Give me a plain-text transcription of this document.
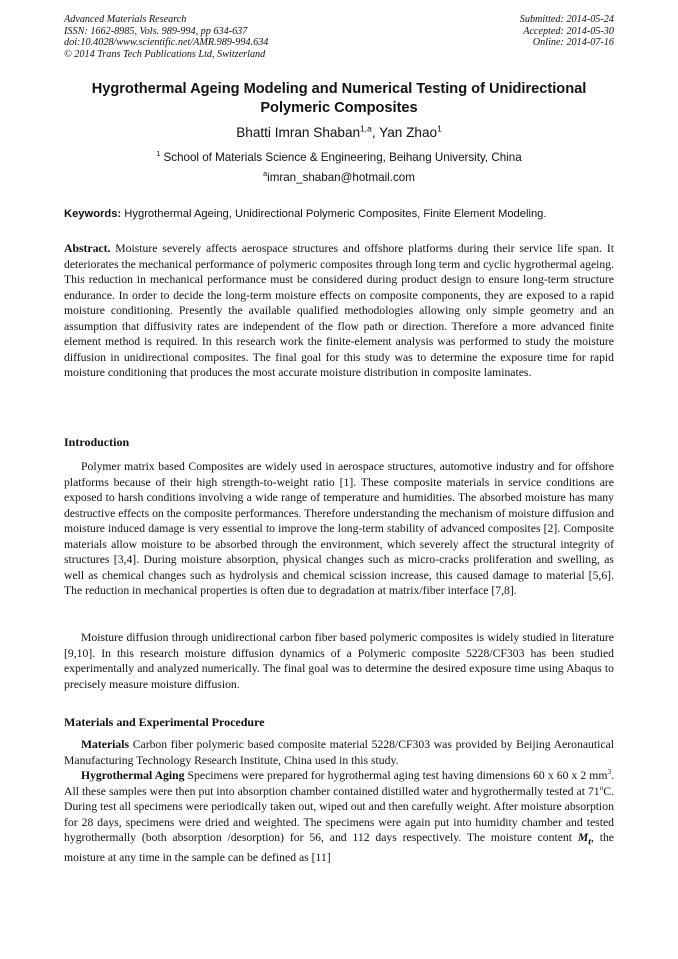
Advanced Materials Research
ISSN: 1662-8985, Vols. 989-994, pp 634-637
doi:10.4028/www.scientific.net/AMR.989-994.634
© 2014 Trans Tech Publications Ltd, Switzerland
Submitted: 2014-05-24
Accepted: 2014-05-30
Online: 2014-07-16
Hygrothermal Ageing Modeling and Numerical Testing of Unidirectional
Polymeric Composites
Bhatti Imran Shaban$^{1,a}$, Yan Zhao$^1$
$^1$ School of Materials Science & Engineering, Beihang University, China
$^a$imran_shaban@hotmail.com
Keywords: Hygrothermal Ageing, Unidirectional Polymeric Composites, Finite Element Modeling.
Abstract. Moisture severely affects aerospace structures and offshore platforms during their service life span. It deteriorates the mechanical performance of polymeric composites through long term and cyclic hygrothermal ageing. This reduction in mechanical performance must be considered during product design to ensure long-term structure endurance. In order to decide the long-term moisture effects on composite components, they are exposed to a rapid moisture conditioning. Presently the available qualified methodologies allowing only simple geometry and an assumption that diffusivity rates are independent of the flow path or direction. Therefore a more advanced finite element method is required. In this research work the finite-element analysis was performed to study the moisture diffusion in unidirectional composites. The final goal for this study was to determine the exposure time for rapid moisture conditioning that produces the most accurate moisture distribution in composite laminates.
Introduction
Polymer matrix based Composites are widely used in aerospace structures, automotive industry and for offshore platforms because of their high strength-to-weight ratio [1]. These composite materials in service conditions are exposed to harsh conditions involving a wide range of temperature and humidities. The absorbed moisture has many destructive effects on the composite performances. Therefore understanding the mechanism of moisture diffusion and moisture induced damage is very essential to improve the long-term stability of advanced composites [2]. Composite materials allow moisture to be absorbed through the environment, which severely affect the structural integrity of structures [3,4]. During moisture absorption, physical changes such as micro-cracks proliferation and swelling, as well as chemical changes such as hydrolysis and chemical scission increase, this caused damage to material [5,6]. The reduction in mechanical properties is often due to degradation at matrix/fiber interface [7,8].
Moisture diffusion through unidirectional carbon fiber based polymeric composites is widely studied in literature [9,10]. In this research moisture diffusion dynamics of a Polymeric composite 5228/CF303 has been studied experimentally and analyzed numerically. The final goal was to determine the desired exposure time using Abaqus to precisely measure moisture diffusion.
Materials and Experimental Procedure
Materials Carbon fiber polymeric based composite material 5228/CF303 was provided by Beijing Aeronautical Manufacturing Technology Research Institute, China used in this study.
Hygrothermal Aging Specimens were prepared for hygrothermal aging test having dimensions 60 x 60 x 2 $mm^3$. All these samples were then put into absorption chamber contained distilled water and hygrothermally tested at 71$^o$C. During test all specimens were periodically taken out, wiped out and then carefully weight. After moisture absorption for 28 days, specimens were dried and weighted. The specimens were again put into humidity chamber and tested hygrothermally (both absorption /desorption) for 56, and 112 days respectively. The moisture content $M_t$, the moisture at any time in the sample can be defined as [11]
